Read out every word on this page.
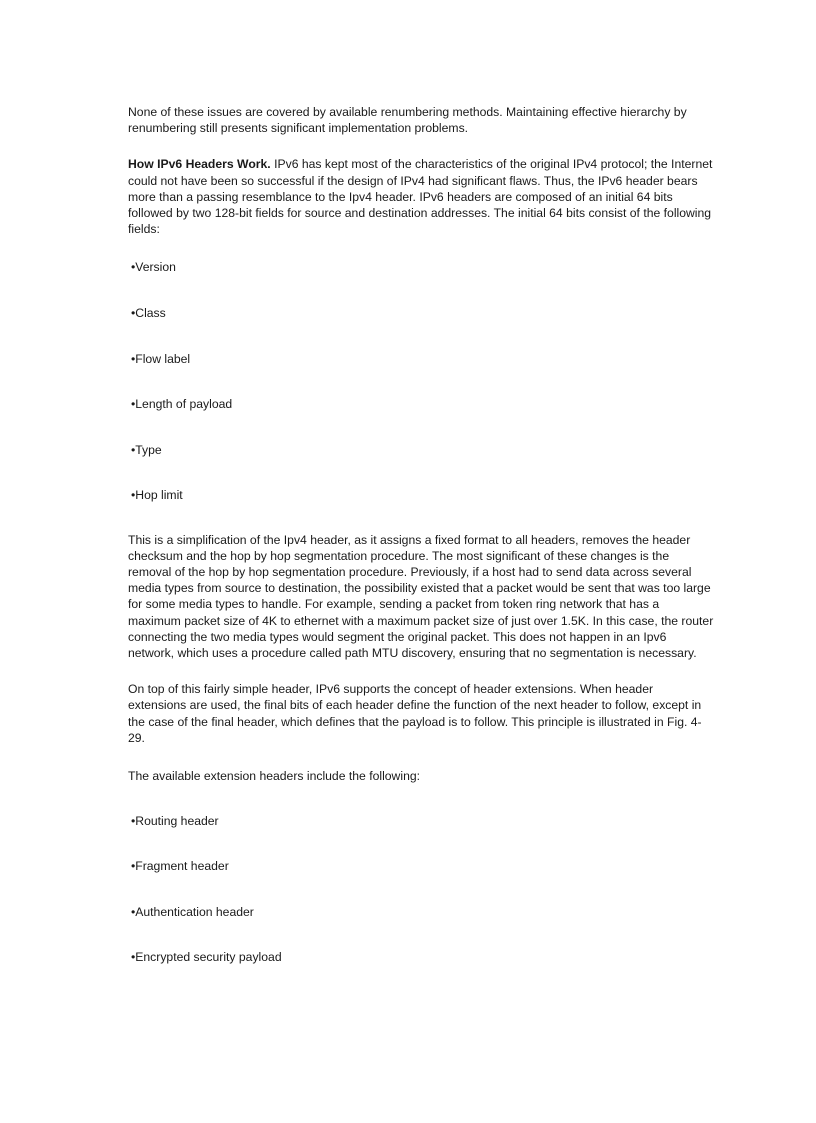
None of these issues are covered by available renumbering methods. Maintaining effective hierarchy by renumbering still presents significant implementation problems.

How IPv6 Headers Work. IPv6 has kept most of the characteristics of the original IPv4 protocol; the Internet could not have been so successful if the design of IPv4 had significant flaws. Thus, the IPv6 header bears more than a passing resemblance to the Ipv4 header. IPv6 headers are composed of an initial 64 bits followed by two 128-bit fields for source and destination addresses. The initial 64 bits consist of the following fields:

•Version

•Class

•Flow label

•Length of payload

•Type

•Hop limit

This is a simplification of the Ipv4 header, as it assigns a fixed format to all headers, removes the header checksum and the hop by hop segmentation procedure. The most significant of these changes is the removal of the hop by hop segmentation procedure. Previously, if a host had to send data across several media types from source to destination, the possibility existed that a packet would be sent that was too large for some media types to handle. For example, sending a packet from token ring network that has a maximum packet size of 4K to ethernet with a maximum packet size of just over 1.5K. In this case, the router connecting the two media types would segment the original packet. This does not happen in an Ipv6 network, which uses a procedure called path MTU discovery, ensuring that no segmentation is necessary.

On top of this fairly simple header, IPv6 supports the concept of header extensions. When header extensions are used, the final bits of each header define the function of the next header to follow, except in the case of the final header, which defines that the payload is to follow. This principle is illustrated in Fig. 4-29.

The available extension headers include the following:

•Routing header

•Fragment header

•Authentication header

•Encrypted security payload
